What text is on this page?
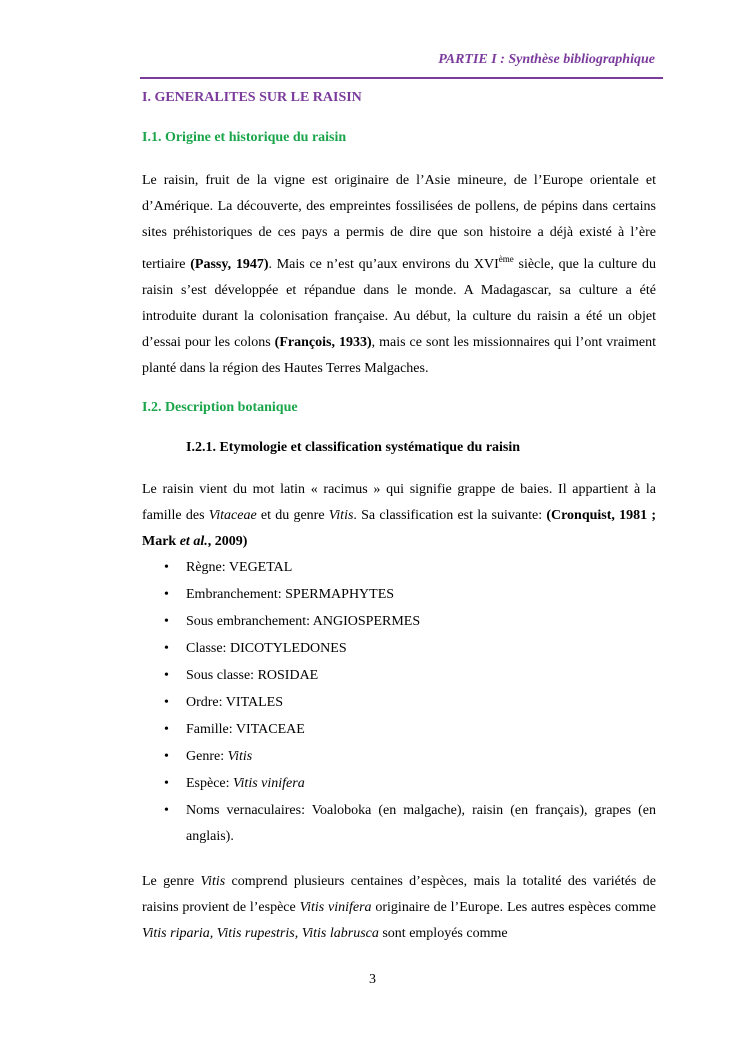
PARTIE I : Synthèse bibliographique
I. GENERALITES SUR LE RAISIN
I.1. Origine et historique du raisin

Le raisin, fruit de la vigne est originaire de l’Asie mineure, de l’Europe orientale et d’Amérique. La découverte, des empreintes fossilisées de pollens, de pépins dans certains sites préhistoriques de ces pays a permis de dire que son histoire a déjà existé à l’ère tertiaire (Passy, 1947). Mais ce n’est qu’aux environs du XVIème siècle, que la culture du raisin s’est développée et répandue dans le monde. A Madagascar, sa culture a été introduite durant la colonisation française. Au début, la culture du raisin a été un objet d’essai pour les colons (François, 1933), mais ce sont les missionnaires qui l’ont vraiment planté dans la région des Hautes Terres Malgaches.

I.2. Description botanique
I.2.1. Etymologie et classification systématique du raisin

Le raisin vient du mot latin « racimus » qui signifie grappe de baies. Il appartient à la famille des Vitaceae et du genre Vitis. Sa classification est la suivante: (Cronquist, 1981 ; Mark et al., 2009)

• Règne: VEGETAL
• Embranchement: SPERMAPHYTES
• Sous embranchement: ANGIOSPERMES
• Classe: DICOTYLEDONES
• Sous classe: ROSIDAE
• Ordre: VITALES
• Famille: VITACEAE
• Genre: Vitis
• Espèce: Vitis vinifera
• Noms vernaculaires: Voaloboka (en malgache), raisin (en français), grapes (en anglais).

Le genre Vitis comprend plusieurs centaines d’espèces, mais la totalité des variétés de raisins provient de l’espèce Vitis vinifera originaire de l’Europe. Les autres espèces comme Vitis riparia, Vitis rupestris, Vitis labrusca sont employés comme

3
